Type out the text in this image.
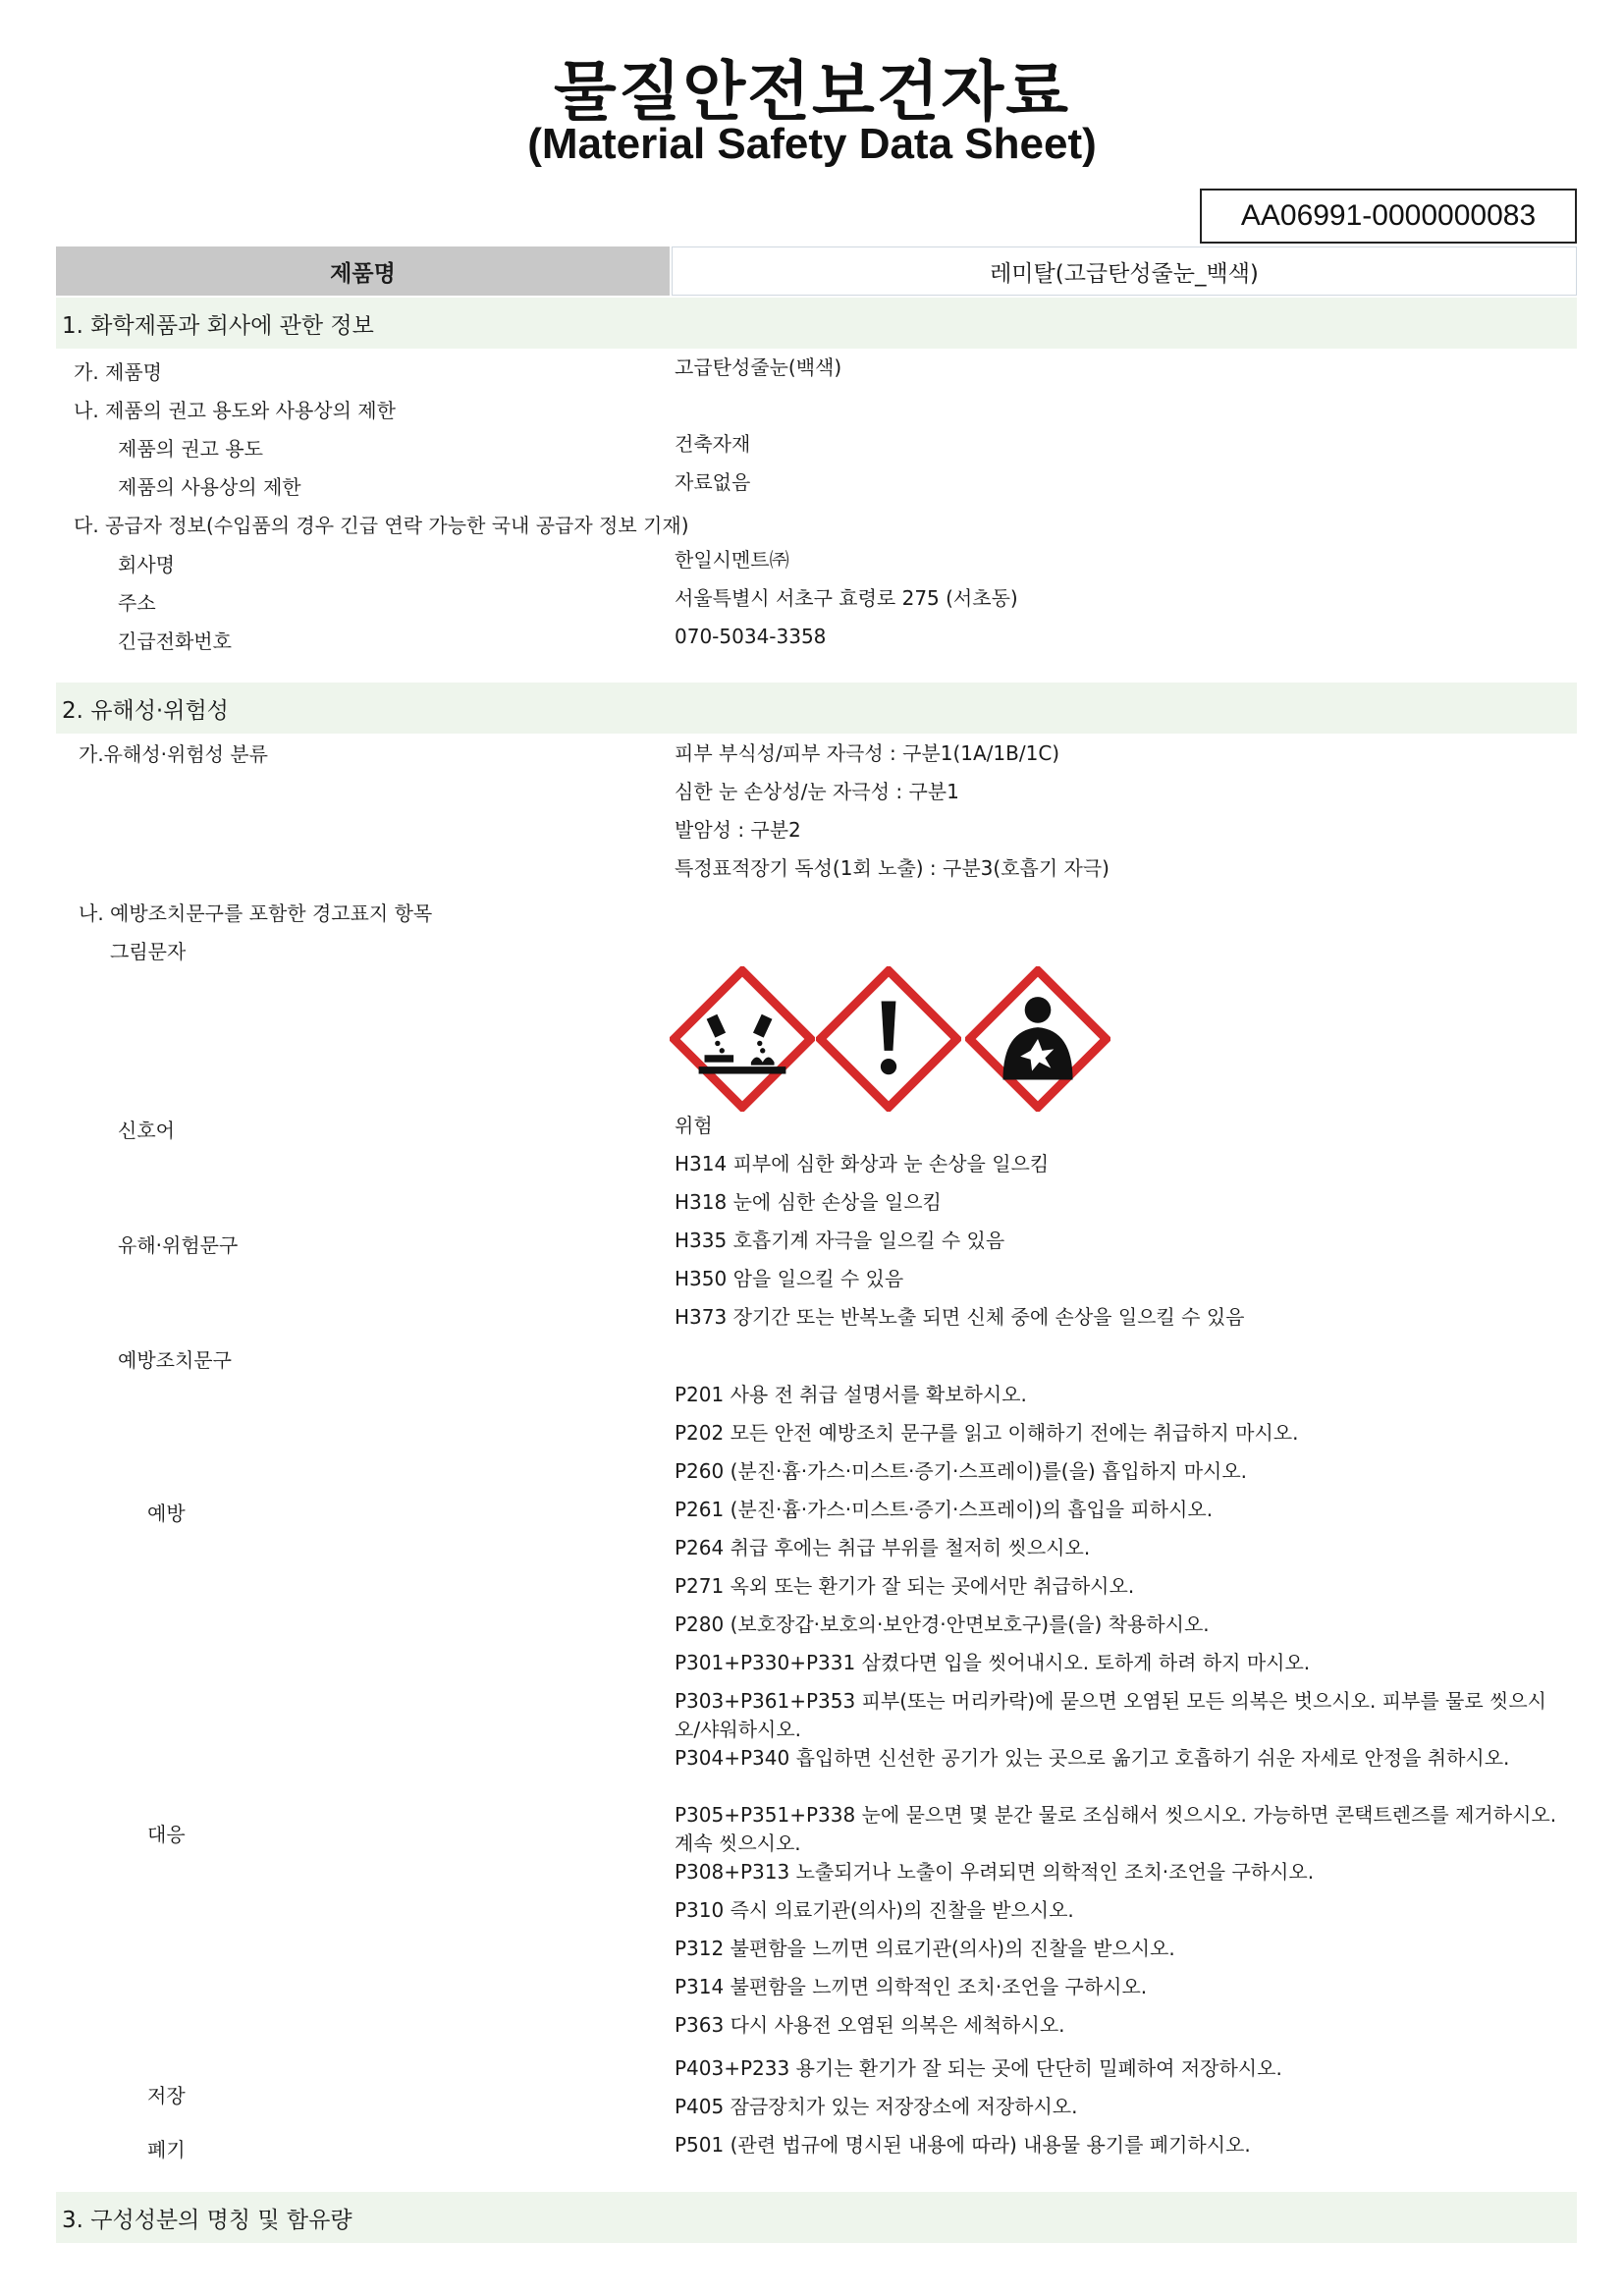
물질안전보건자료
(Material Safety Data Sheet)
AA06991-0000000083
제품명	레미탈(고급탄성줄눈_백색)
1. 화학제품과 회사에 관한 정보
가. 제품명	고급탄성줄눈(백색)
나. 제품의 권고 용도와 사용상의 제한
제품의 권고 용도	건축자재
제품의 사용상의 제한	자료없음
다. 공급자 정보(수입품의 경우 긴급 연락 가능한 국내 공급자 정보 기재)
회사명	한일시멘트㈜
주소	서울특별시 서초구 효령로 275 (서초동)
긴급전화번호	070-5034-3358
2. 유해성·위험성
가.유해성·위험성 분류	피부 부식성/피부 자극성 : 구분1(1A/1B/1C)
심한 눈 손상성/눈 자극성 : 구분1
발암성 : 구분2
특정표적장기 독성(1회 노출) : 구분3(호흡기 자극)
나. 예방조치문구를 포함한 경고표지 항목
그림문자
신호어	위험
유해·위험문구
H314 피부에 심한 화상과 눈 손상을 일으킴
H318 눈에 심한 손상을 일으킴
H335 호흡기계 자극을 일으킬 수 있음
H350 암을 일으킬 수 있음
H373 장기간 또는 반복노출 되면 신체 중에 손상을 일으킬 수 있음
예방조치문구
예방
P201 사용 전 취급 설명서를 확보하시오.
P202 모든 안전 예방조치 문구를 읽고 이해하기 전에는 취급하지 마시오.
P260 (분진·흄·가스·미스트·증기·스프레이)를(을) 흡입하지 마시오.
P261 (분진·흄·가스·미스트·증기·스프레이)의 흡입을 피하시오.
P264 취급 후에는 취급 부위를 철저히 씻으시오.
P271 옥외 또는 환기가 잘 되는 곳에서만 취급하시오.
P280 (보호장갑·보호의·보안경·안면보호구)를(을) 착용하시오.
대응
P301+P330+P331 삼켰다면 입을 씻어내시오. 토하게 하려 하지 마시오.
P303+P361+P353 피부(또는 머리카락)에 묻으면 오염된 모든 의복은 벗으시오. 피부를 물로 씻으시오/샤워하시오.
P304+P340 흡입하면 신선한 공기가 있는 곳으로 옮기고 호흡하기 쉬운 자세로 안정을 취하시오.
P305+P351+P338 눈에 묻으면 몇 분간 물로 조심해서 씻으시오. 가능하면 콘택트렌즈를 제거하시오. 계속 씻으시오.
P308+P313 노출되거나 노출이 우려되면 의학적인 조치·조언을 구하시오.
P310 즉시 의료기관(의사)의 진찰을 받으시오.
P312 불편함을 느끼면 의료기관(의사)의 진찰을 받으시오.
P314 불편함을 느끼면 의학적인 조치·조언을 구하시오.
P363 다시 사용전 오염된 의복은 세척하시오.
저장
P403+P233 용기는 환기가 잘 되는 곳에 단단히 밀폐하여 저장하시오.
P405 잠금장치가 있는 저장장소에 저장하시오.
폐기	P501 (관련 법규에 명시된 내용에 따라) 내용물 용기를 폐기하시오.
3. 구성성분의 명칭 및 함유량
